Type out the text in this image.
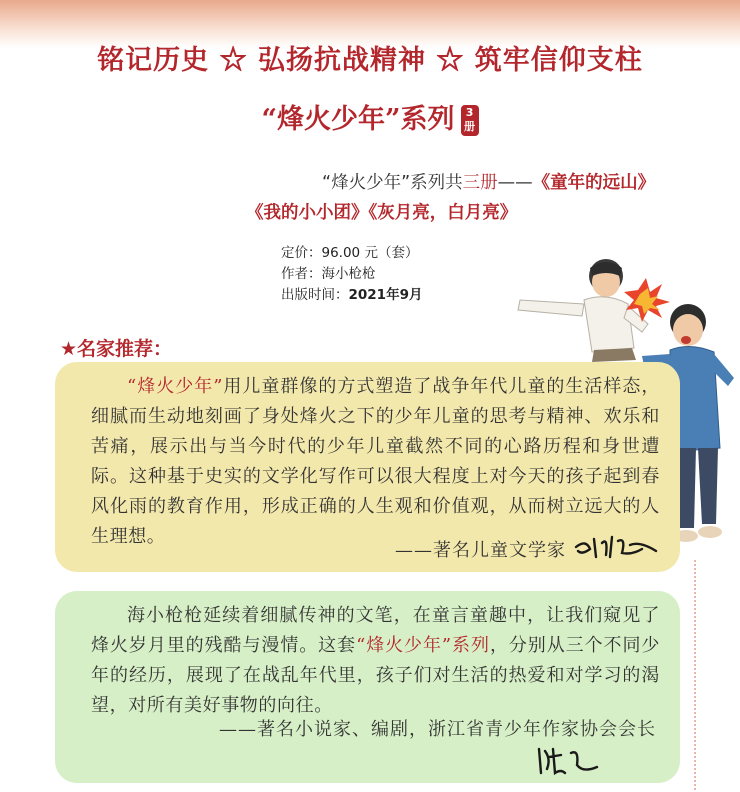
铭记历史 ☆ 弘扬抗战精神 ☆ 筑牢信仰支柱
“烽火少年”系列 3册
“烽火少年”系列共三册——《童年的远山》
《我的小小团》《灰月亮，白月亮》
定价：96.00 元（套）
作者：海小枪枪
出版时间：2021年9月
★名家推荐：
“烽火少年”用儿童群像的方式塑造了战争年代儿童的生活样态，细腻而生动地刻画了身处烽火之下的少年儿童的思考与精神、欢乐和苦痛，展示出与当今时代的少年儿童截然不同的心路历程和身世遭际。这种基于史实的文学化写作可以很大程度上对今天的孩子起到春风化雨的教育作用，形成正确的人生观和价值观，从而树立远大的人生理想。
——著名儿童文学家
海小枪枪延续着细腻传神的文笔，在童言童趣中，让我们窥见了烽火岁月里的残酷与漫情。这套“烽火少年”系列，分别从三个不同少年的经历，展现了在战乱年代里，孩子们对生活的热爱和对学习的渴望，对所有美好事物的向往。
——著名小说家、编剧，浙江省青少年作家协会会长
